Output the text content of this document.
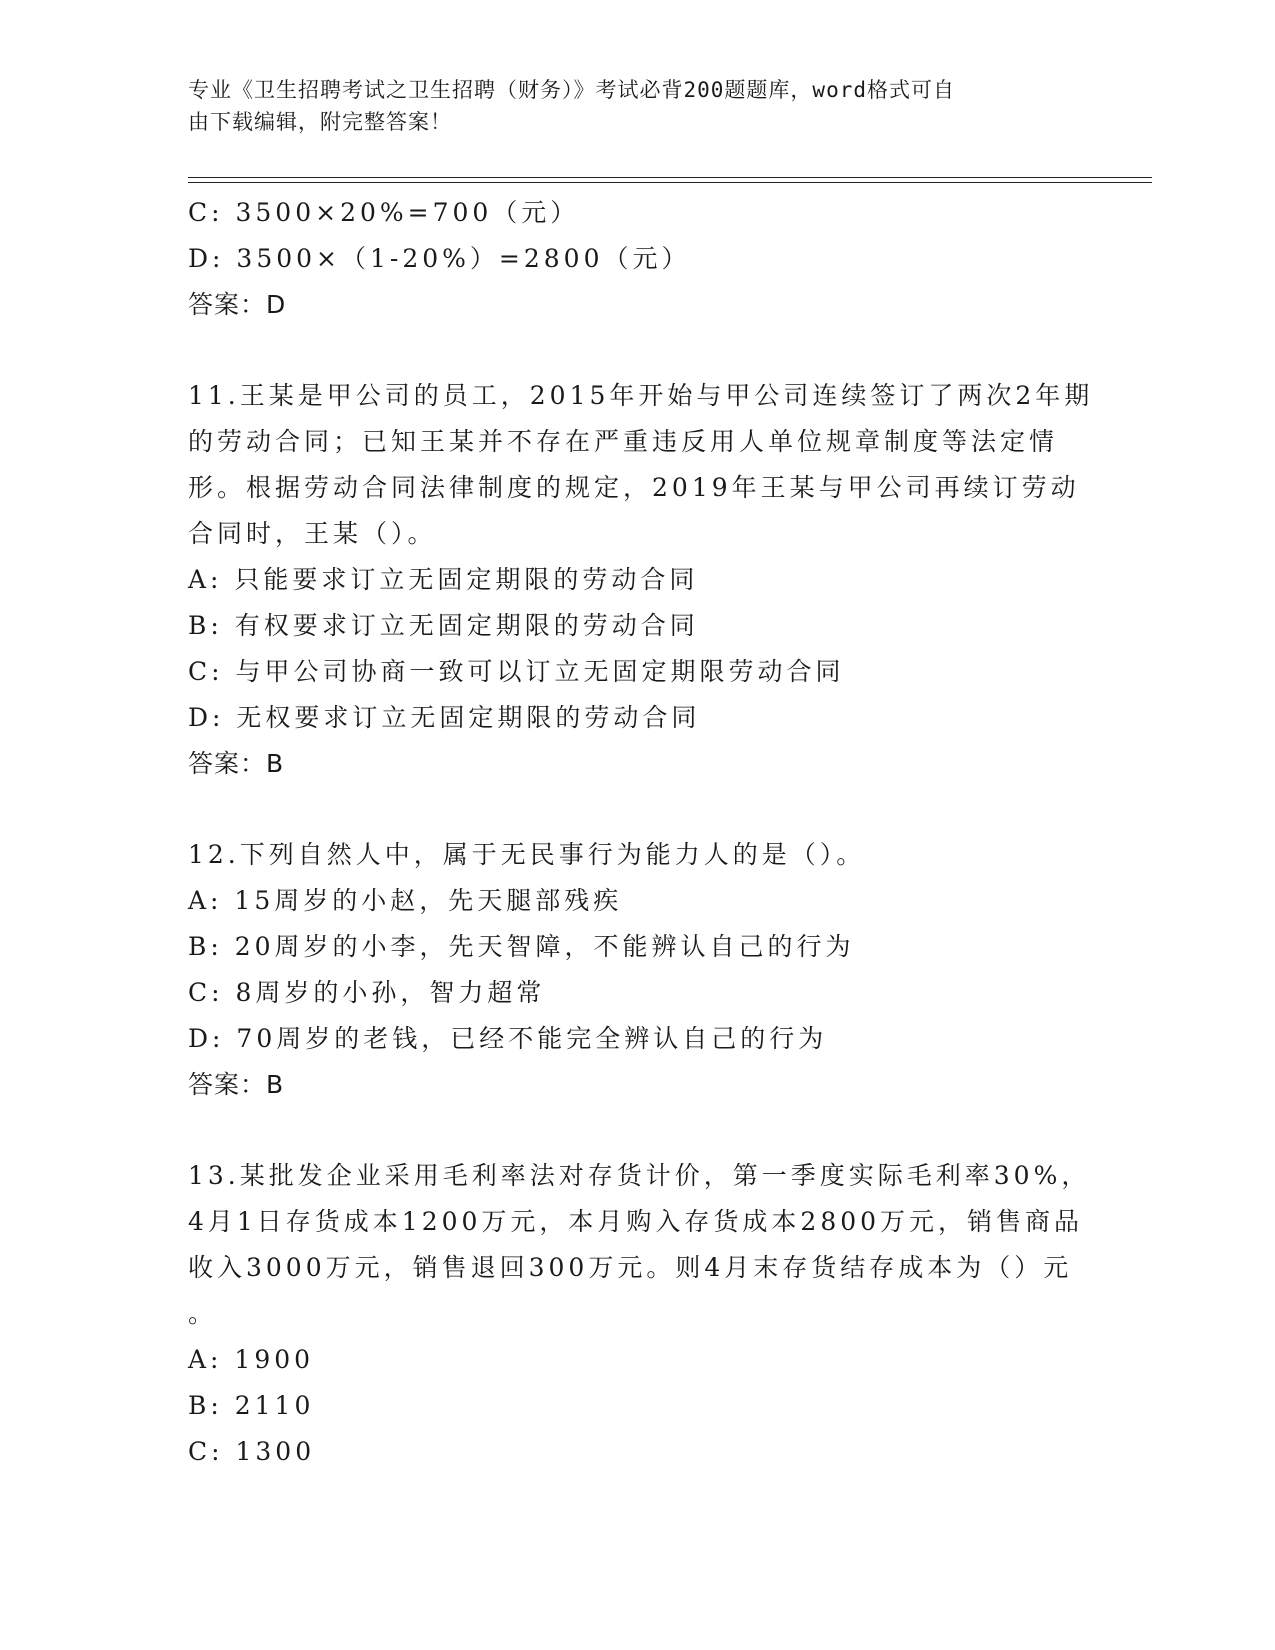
专业《卫生招聘考试之卫生招聘（财务）》考试必背200题题库，word格式可自
由下载编辑，附完整答案！
C: 3500×20%=700（元）
D: 3500×（1-20%）=2800（元）
答案：D
11.王某是甲公司的员工，2015年开始与甲公司连续签订了两次2年期
的劳动合同；已知王某并不存在严重违反用人单位规章制度等法定情
形。根据劳动合同法律制度的规定，2019年王某与甲公司再续订劳动
合同时，王某（）。
A: 只能要求订立无固定期限的劳动合同
B: 有权要求订立无固定期限的劳动合同
C: 与甲公司协商一致可以订立无固定期限劳动合同
D: 无权要求订立无固定期限的劳动合同
答案：B
12.下列自然人中，属于无民事行为能力人的是（）。
A: 15周岁的小赵，先天腿部残疾
B: 20周岁的小李，先天智障，不能辨认自己的行为
C: 8周岁的小孙，智力超常
D: 70周岁的老钱，已经不能完全辨认自己的行为
答案：B
13.某批发企业采用毛利率法对存货计价，第一季度实际毛利率30%，
4月1日存货成本1200万元，本月购入存货成本2800万元，销售商品
收入3000万元，销售退回300万元。则4月末存货结存成本为（）元
。
A: 1900
B: 2110
C: 1300
